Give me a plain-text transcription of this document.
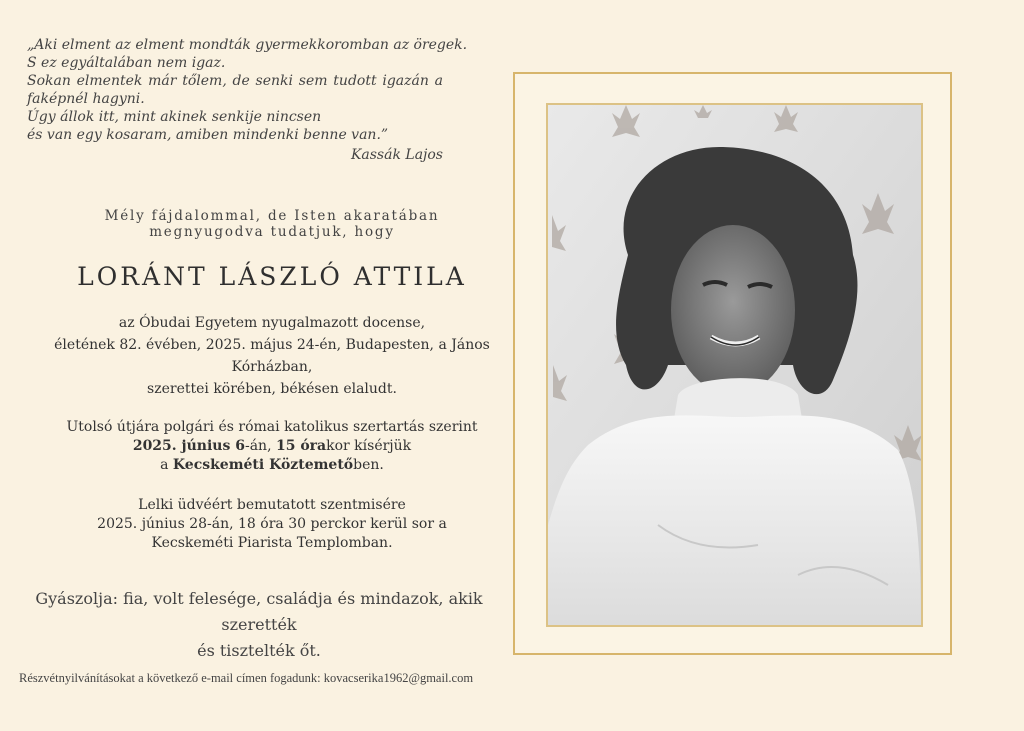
„Aki elment az elment mondták gyermekkoromban az öregek.
S ez egyáltalában nem igaz.
Sokan elmentek már tőlem, de senki sem tudott igazán a
faképnél hagyni.
Úgy állok itt, mint akinek senkije nincsen
és van egy kosaram, amiben mindenki benne van.”
Kassák Lajos
Mély fájdalommal, de Isten akaratában
megnyugodva tudatjuk, hogy
LORÁNT LÁSZLÓ ATTILA
az Óbudai Egyetem nyugalmazott docense,
életének 82. évében, 2025. május 24-én, Budapesten, a János
Kórházban,
szerettei körében, békésen elaludt.
Utolsó útjára polgári és római katolikus szertartás szerint
2025. június 6-án, 15 órakor kísérjük
a Kecskeméti Köztemetőben.
Lelki üdvéért bemutatott szentmisére
2025. június 28-án, 18 óra 30 perckor kerül sor a
Kecskeméti Piarista Templomban.
Gyászolja: fia, volt felesége, családja és mindazok, akik szerették
és tisztelték őt.
Részvétnyilvánításokat a következő e-mail címen fogadunk: kovacserika1962@gmail.com
